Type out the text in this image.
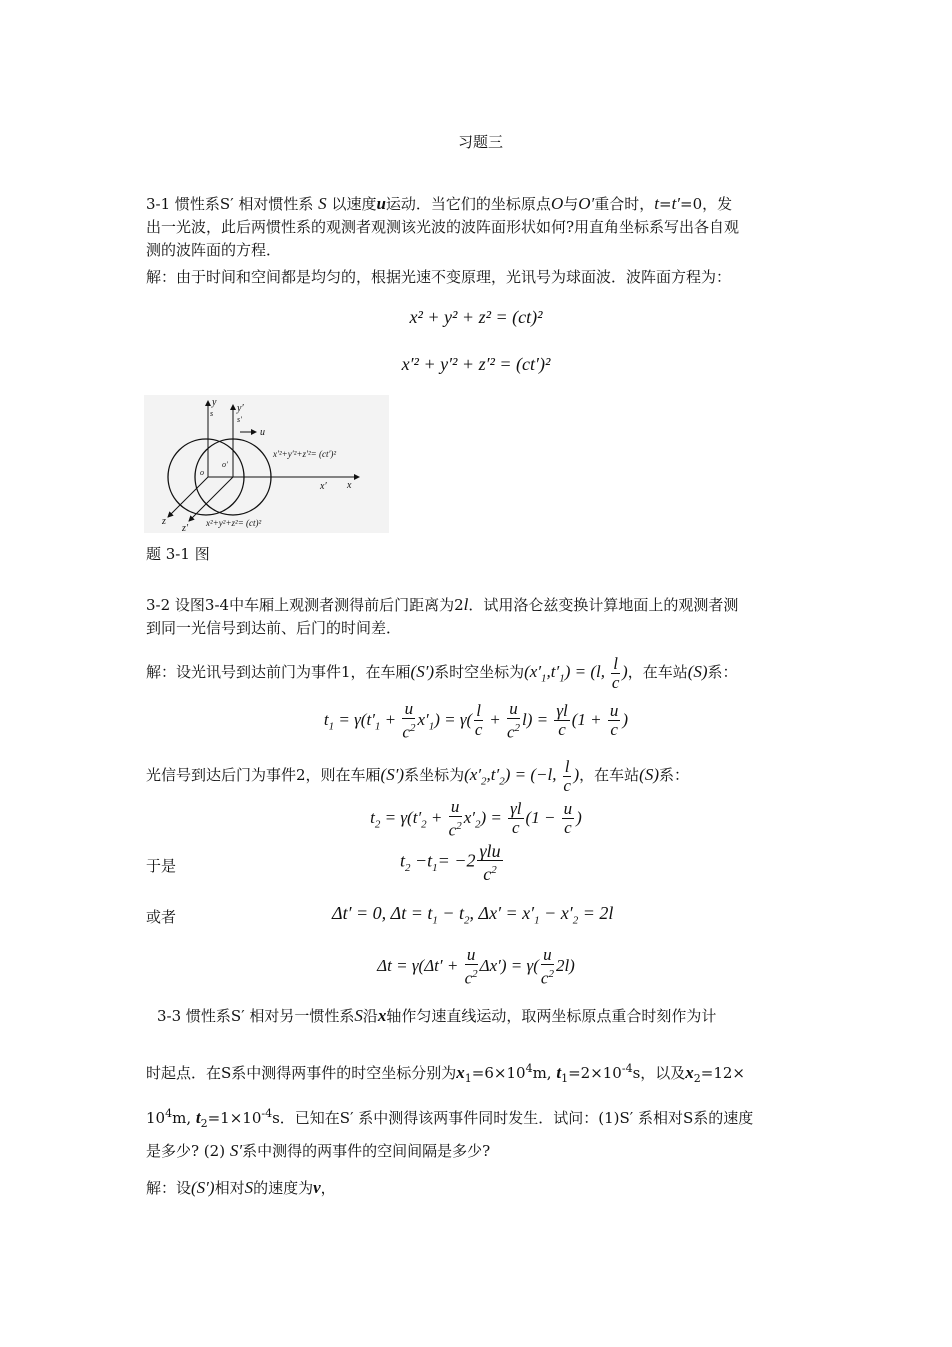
习题三
3-1 惯性系S′ 相对惯性系 S 以速度u运动．当它们的坐标原点O与O′重合时，t=t′=0，发
出一光波，此后两惯性系的观测者观测该光波的波阵面形状如何?用直角坐标系写出各自观
测的波阵面的方程．
解：由于时间和空间都是均匀的，根据光速不变原理，光讯号为球面波．波阵面方程为：
x² + y² + z² = (ct)²
x′² + y′² + z′² = (ct′)²
y
s y′
s′
u
o
o′
x′ x
z
z′
x′²+y′²+z′²= (ct′)²
x²+y²+z²= (ct)²
题 3-1 图
3-2 设图3-4中车厢上观测者测得前后门距离为2l．试用洛仑兹变换计算地面上的观测者测
到同一光信号到达前、后门的时间差．
解：设光讯号到达前门为事件1，在车厢(S′)系时空坐标为$(x'_1,t'_1) = (l$, $\frac{l}{c}$ )，在车站(S)系：
$t_1 = \gamma(t'_1 + \frac{u}{c^2} x'_1) = \gamma( \frac{l}{c} + \frac{u}{c^2} l) = \frac{\gamma l}{c} (1 + \frac{u}{c}$ )
光信号到达后门为事件2，则在车厢(S′)系坐标为$(x'_2,t'_2) = (-l$, $\frac{l}{c}$ )，在车站(S)系：
$t_2 = \gamma(t'_2 + \frac{u}{c^2} x'_2) = \frac{\gamma l}{c} (1 - \frac{u}{c}$ )
于是	$t_2 -t_1= -2 \frac{\text{γlu}}{c^2}$
或者	Δt′ = 0, $\Delta t = t_1 - t_2$, $\Delta x' = x'_1 - x'_2 = 2l$
$\Delta t = \gamma(\Delta t' + \frac{u}{c^2} \Delta x') = \gamma( \frac{u}{c^2} 2l)$
3-3 惯性系S′ 相对另一惯性系S沿x轴作匀速直线运动，取两坐标原点重合时刻作为计
时起点．在S系中测得两事件的时空坐标分别为$x_1=6\times 10^4m$, $t_1=2\times 10^{-4}s$，以及$x_2=12\times$
$10^4m$, $t_2=1\times 10^{-4}s$．已知在S′ 系中测得该两事件同时发生．试问：(1)S′ 系相对S系的速度
是多少? (2) S′系中测得的两事件的空间间隔是多少?
解：设(S′)相对S的速度为v，
